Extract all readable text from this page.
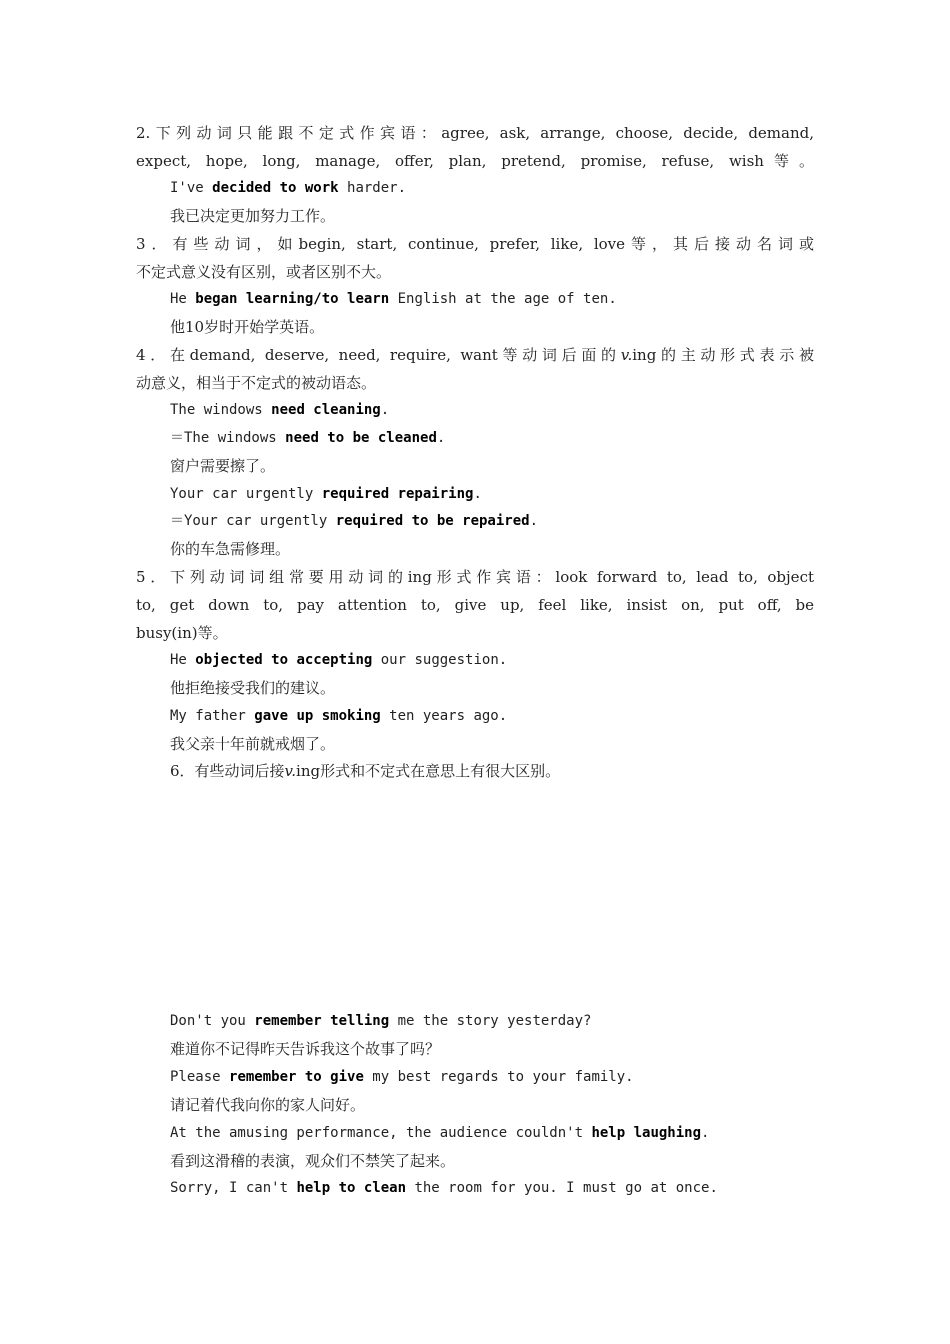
2.下列动词只能跟不定式作宾语：agree, ask, arrange, choose, decide, demand,
expect, hope, long, manage, offer, plan, pretend, promise, refuse, wish等。
I've decided to work harder.
我已决定更加努力工作。
3．有些动词，如begin, start, continue, prefer, like, love等，其后接动名词或
不定式意义没有区别，或者区别不大。
He began learning/to learn English at the age of ten.
他10岁时开始学英语。
4．在demand, deserve, need, require, want等动词后面的v.ing的主动形式表示被
动意义，相当于不定式的被动语态。
The windows need cleaning.
＝The windows need to be cleaned.
窗户需要擦了。
Your car urgently required repairing.
＝Your car urgently required to be repaired.
你的车急需修理。
5．下列动词词组常要用动词的ing形式作宾语：look forward to, lead to, object
to, get down to, pay attention to, give up, feel like, insist on, put off, be
busy(in)等。
He objected to accepting our suggestion.
他拒绝接受我们的建议。
My father gave up smoking ten years ago.
我父亲十年前就戒烟了。
6．有些动词后接v.ing形式和不定式在意思上有很大区别。
Don't you remember telling me the story yesterday?
难道你不记得昨天告诉我这个故事了吗？
Please remember to give my best regards to your family.
请记着代我向你的家人问好。
At the amusing performance, the audience couldn't help laughing.
看到这滑稽的表演，观众们不禁笑了起来。
Sorry, I can't help to clean the room for you. I must go at once.
